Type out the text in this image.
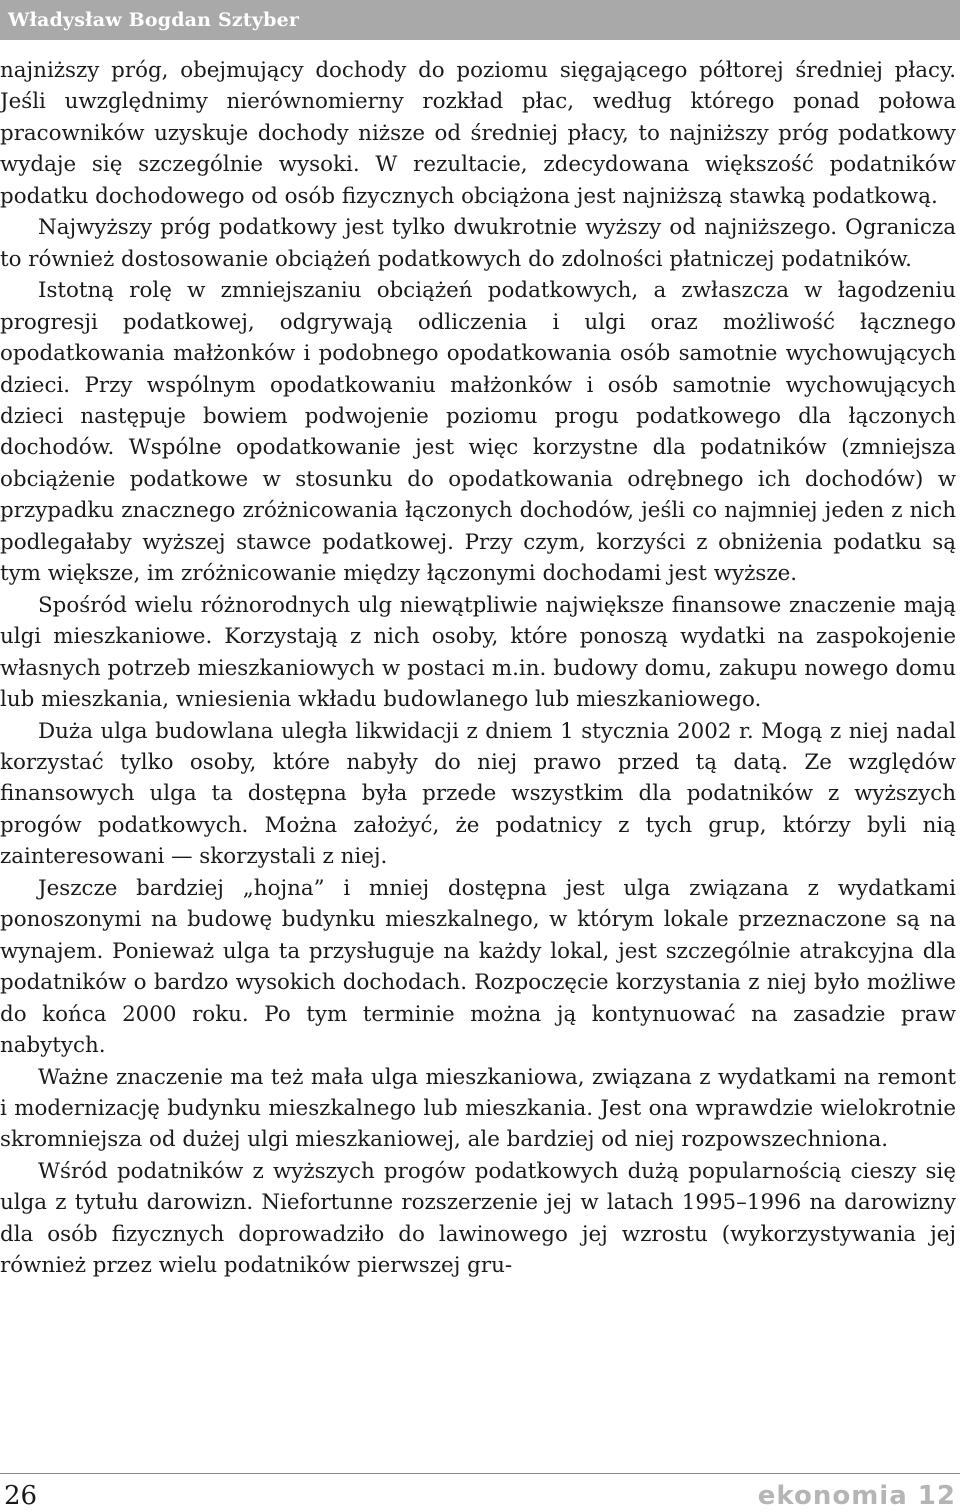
Władysław Bogdan Sztyber

najniższy próg, obejmujący dochody do poziomu sięgającego półtorej średniej płacy. Jeśli uwzględnimy nierównomierny rozkład płac, według którego ponad połowa pracowników uzyskuje dochody niższe od średniej płacy, to najniższy próg podatkowy wydaje się szczególnie wysoki. W rezultacie, zdecydowana większość podatników podatku dochodowego od osób fizycznych obciążona jest najniższą stawką podatkową.

Najwyższy próg podatkowy jest tylko dwukrotnie wyższy od najniższego. Ogranicza to również dostosowanie obciążeń podatkowych do zdolności płatniczej podatników.

Istotną rolę w zmniejszaniu obciążeń podatkowych, a zwłaszcza w łagodzeniu progresji podatkowej, odgrywają odliczenia i ulgi oraz możliwość łącznego opodatkowania małżonków i podobnego opodatkowania osób samotnie wychowujących dzieci. Przy wspólnym opodatkowaniu małżonków i osób samotnie wychowujących dzieci następuje bowiem podwojenie poziomu progu podatkowego dla łączonych dochodów. Wspólne opodatkowanie jest więc korzystne dla podatników (zmniejsza obciążenie podatkowe w stosunku do opodatkowania odrębnego ich dochodów) w przypadku znacznego zróżnicowania łączonych dochodów, jeśli co najmniej jeden z nich podlegałaby wyższej stawce podatkowej. Przy czym, korzyści z obniżenia podatku są tym większe, im zróżnicowanie między łączonymi dochodami jest wyższe.

Spośród wielu różnorodnych ulg niewątpliwie największe finansowe znaczenie mają ulgi mieszkaniowe. Korzystają z nich osoby, które ponoszą wydatki na zaspokojenie własnych potrzeb mieszkaniowych w postaci m.in. budowy domu, zakupu nowego domu lub mieszkania, wniesienia wkładu budowlanego lub mieszkaniowego.

Duża ulga budowlana uległa likwidacji z dniem 1 stycznia 2002 r. Mogą z niej nadal korzystać tylko osoby, które nabyły do niej prawo przed tą datą. Ze względów finansowych ulga ta dostępna była przede wszystkim dla podatników z wyższych progów podatkowych. Można założyć, że podatnicy z tych grup, którzy byli nią zainteresowani — skorzystali z niej.

Jeszcze bardziej „hojna” i mniej dostępna jest ulga związana z wydatkami ponoszonymi na budowę budynku mieszkalnego, w którym lokale przeznaczone są na wynajem. Ponieważ ulga ta przysługuje na każdy lokal, jest szczególnie atrakcyjna dla podatników o bardzo wysokich dochodach. Rozpoczęcie korzystania z niej było możliwe do końca 2000 roku. Po tym terminie można ją kontynuować na zasadzie praw nabytych.

Ważne znaczenie ma też mała ulga mieszkaniowa, związana z wydatkami na remont i modernizację budynku mieszkalnego lub mieszkania. Jest ona wprawdzie wielokrotnie skromniejsza od dużej ulgi mieszkaniowej, ale bardziej od niej rozpowszechniona.

Wśród podatników z wyższych progów podatkowych dużą popularnością cieszy się ulga z tytułu darowizn. Niefortunne rozszerzenie jej w latach 1995–1996 na darowizny dla osób fizycznych doprowadziło do lawinowego jej wzrostu (wykorzystywania jej również przez wielu podatników pierwszej gru-

26	ekonomia 12
